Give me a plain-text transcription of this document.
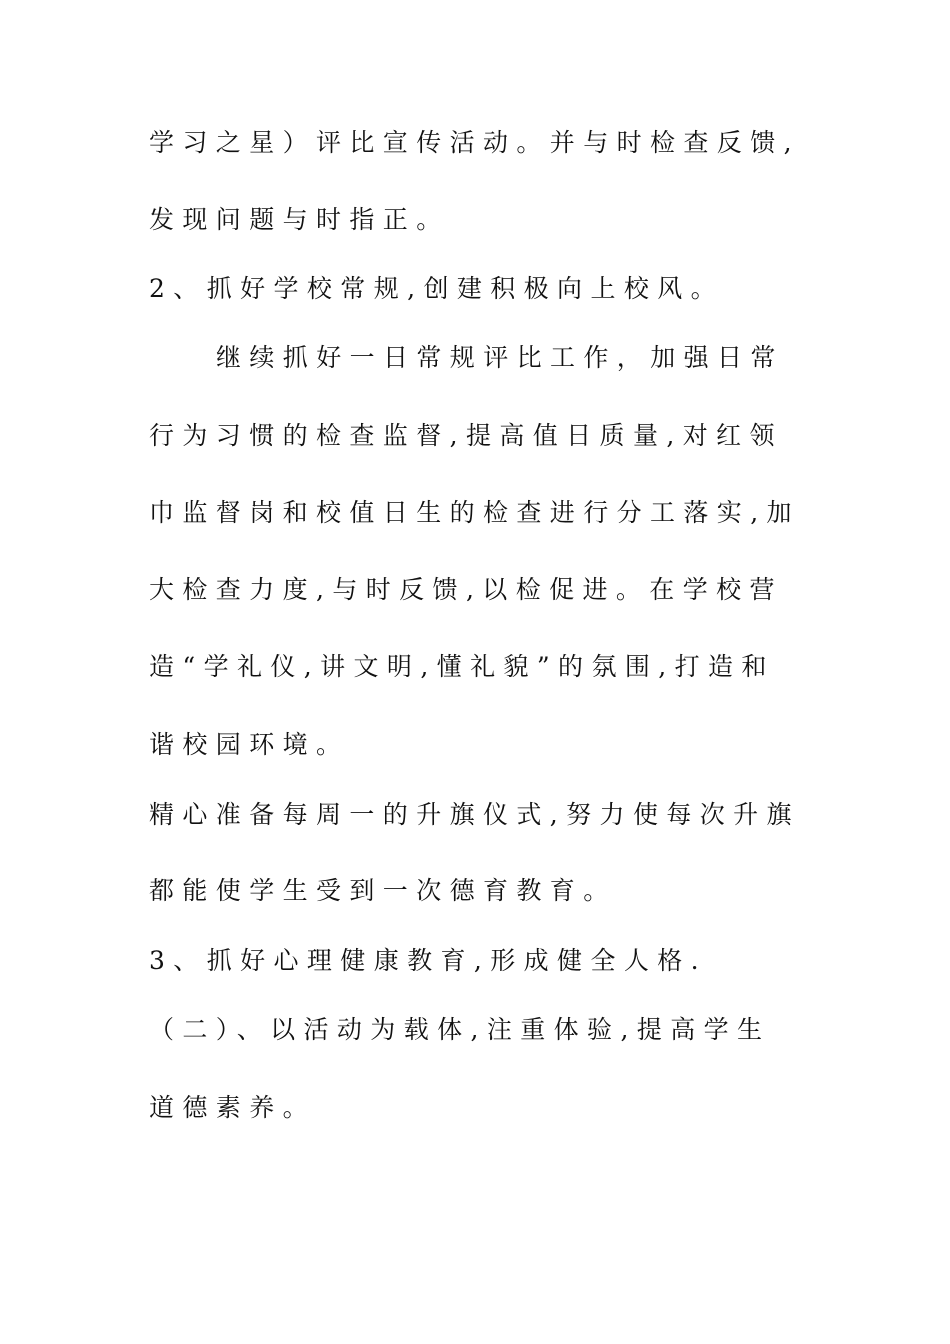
学习之星）评比宣传活动。并与时检查反馈,
发现问题与时指正。
2、抓好学校常规,创建积极向上校风。
继续抓好一日常规评比工作，加强日常
行为习惯的检查监督,提高值日质量,对红领
巾监督岗和校值日生的检查进行分工落实,加
大检查力度,与时反馈,以检促进。在学校营
造“学礼仪,讲文明,懂礼貌”的氛围,打造和
谐校园环境。
精心准备每周一的升旗仪式,努力使每次升旗
都能使学生受到一次德育教育。
3、抓好心理健康教育,形成健全人格.
（二）、以活动为载体,注重体验,提高学生
道德素养。
